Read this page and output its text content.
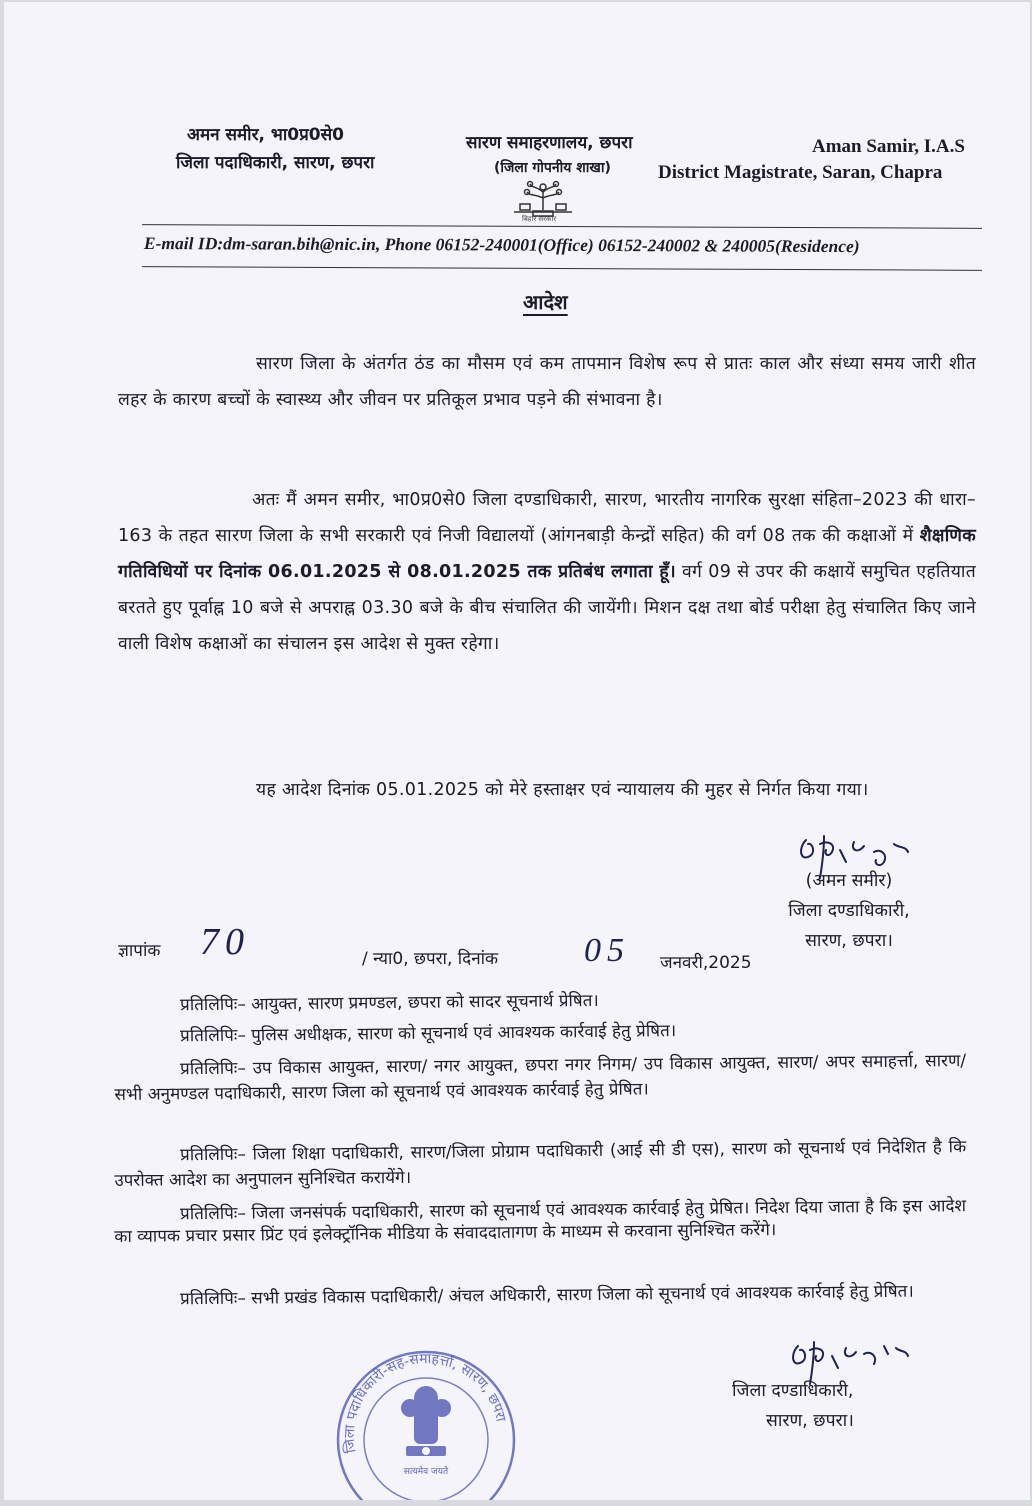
अमन समीर, भा0प्र0से0
जिला पदाधिकारी, सारण, छपरा
सारण समाहरणालय, छपरा
(जिला गोपनीय शाखा)
बिहार सरकार
Aman Samir, I.A.S
District Magistrate, Saran, Chapra
E-mail ID:dm-saran.bih@nic.in, Phone 06152-240001(Office) 06152-240002 & 240005(Residence)
आदेश
सारण जिला के अंतर्गत ठंड का मौसम एवं कम तापमान विशेष रूप से प्रातः काल और संध्या समय जारी शीत लहर के कारण बच्चों के स्वास्थ्य और जीवन पर प्रतिकूल प्रभाव पड़ने की संभावना है।
अतः मैं अमन समीर, भा0प्र0से0 जिला दण्डाधिकारी, सारण, भारतीय नागरिक सुरक्षा संहिता–2023 की धारा–163 के तहत सारण जिला के सभी सरकारी एवं निजी विद्यालयों (आंगनबाड़ी केन्द्रों सहित) की वर्ग 08 तक की कक्षाओं में शैक्षणिक गतिविधियों पर दिनांक 06.01.2025 से 08.01.2025 तक प्रतिबंध लगाता हूँ। वर्ग 09 से उपर की कक्षायें समुचित एहतियात बरतते हुए पूर्वाह्न 10 बजे से अपराह्न 03.30 बजे के बीच संचालित की जायेंगी। मिशन दक्ष तथा बोर्ड परीक्षा हेतु संचालित किए जाने वाली विशेष कक्षाओं का संचालन इस आदेश से मुक्त रहेगा।
यह आदेश दिनांक 05.01.2025 को मेरे हस्ताक्षर एवं न्यायालय की मुहर से निर्गत किया गया।
(अमन समीर)
जिला दण्डाधिकारी,
सारण, छपरा।
ज्ञापांक 70	/ न्या0, छपरा, दिनांक	05 जनवरी,2025
प्रतिलिपिः– आयुक्त, सारण प्रमण्डल, छपरा को सादर सूचनार्थ प्रेषित।
प्रतिलिपिः– पुलिस अधीक्षक, सारण को सूचनार्थ एवं आवश्यक कार्रवाई हेतु प्रेषित।
प्रतिलिपिः– उप विकास आयुक्त, सारण/ नगर आयुक्त, छपरा नगर निगम/ उप विकास आयुक्त, सारण/ अपर समाहर्त्ता, सारण/ सभी अनुमण्डल पदाधिकारी, सारण जिला को सूचनार्थ एवं आवश्यक कार्रवाई हेतु प्रेषित।
प्रतिलिपिः– जिला शिक्षा पदाधिकारी, सारण/जिला प्रोग्राम पदाधिकारी (आई सी डी एस), सारण को सूचनार्थ एवं निदेशित है कि उपरोक्त आदेश का अनुपालन सुनिश्चित करायेंगे।
प्रतिलिपिः– जिला जनसंपर्क पदाधिकारी, सारण को सूचनार्थ एवं आवश्यक कार्रवाई हेतु प्रेषित। निदेश दिया जाता है कि इस आदेश का व्यापक प्रचार प्रसार प्रिंट एवं इलेक्ट्रॉनिक मीडिया के संवाददातागण के माध्यम से करवाना सुनिश्चित करेंगे।
प्रतिलिपिः– सभी प्रखंड विकास पदाधिकारी/ अंचल अधिकारी, सारण जिला को सूचनार्थ एवं आवश्यक कार्रवाई हेतु प्रेषित।
जिला पदाधिकारी-सह-समाहर्त्ता, सारण, छपरा
सत्यमेव जयते
जिला दण्डाधिकारी,
सारण, छपरा।
